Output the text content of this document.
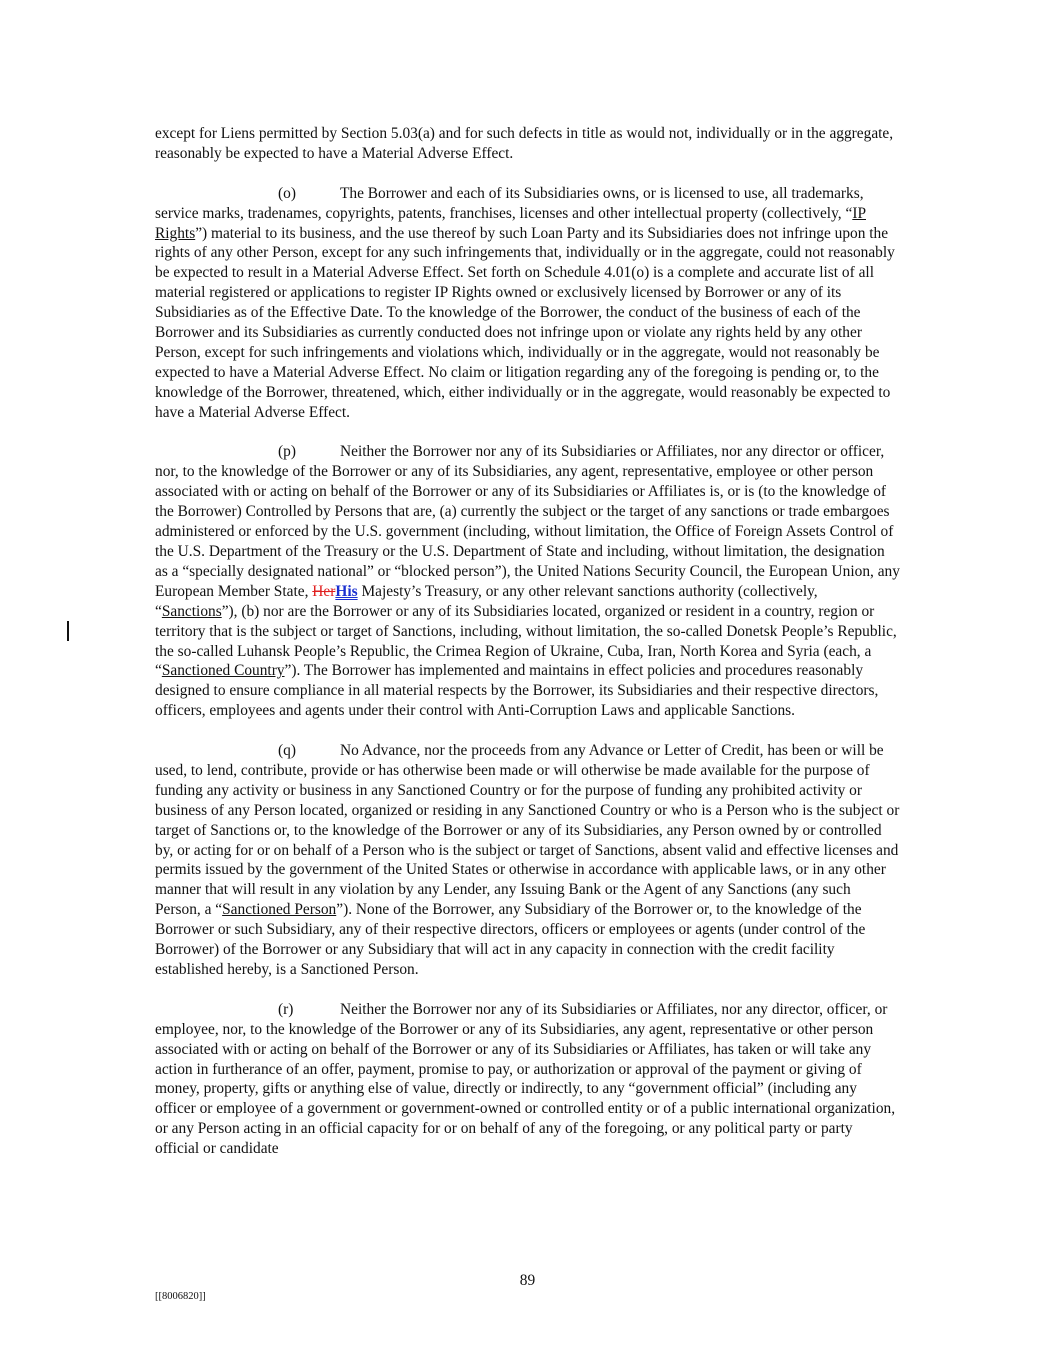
except for Liens permitted by Section 5.03(a) and for such defects in title as would not, individually or in the aggregate, reasonably be expected to have a Material Adverse Effect.

(o)	The Borrower and each of its Subsidiaries owns, or is licensed to use, all trademarks, service marks, tradenames, copyrights, patents, franchises, licenses and other intellectual property (collectively, “IP Rights”) material to its business, and the use thereof by such Loan Party and its Subsidiaries does not infringe upon the rights of any other Person, except for any such infringements that, individually or in the aggregate, could not reasonably be expected to result in a Material Adverse Effect. Set forth on Schedule 4.01(o) is a complete and accurate list of all material registered or applications to register IP Rights owned or exclusively licensed by Borrower or any of its Subsidiaries as of the Effective Date. To the knowledge of the Borrower, the conduct of the business of each of the Borrower and its Subsidiaries as currently conducted does not infringe upon or violate any rights held by any other Person, except for such infringements and violations which, individually or in the aggregate, would not reasonably be expected to have a Material Adverse Effect. No claim or litigation regarding any of the foregoing is pending or, to the knowledge of the Borrower, threatened, which, either individually or in the aggregate, would reasonably be expected to have a Material Adverse Effect.

(p)	Neither the Borrower nor any of its Subsidiaries or Affiliates, nor any director or officer, nor, to the knowledge of the Borrower or any of its Subsidiaries, any agent, representative, employee or other person associated with or acting on behalf of the Borrower or any of its Subsidiaries or Affiliates is, or is (to the knowledge of the Borrower) Controlled by Persons that are, (a) currently the subject or the target of any sanctions or trade embargoes administered or enforced by the U.S. government (including, without limitation, the Office of Foreign Assets Control of the U.S. Department of the Treasury or the U.S. Department of State and including, without limitation, the designation as a “specially designated national” or “blocked person”), the United Nations Security Council, the European Union, any European Member State, HerHis Majesty’s Treasury, or any other relevant sanctions authority (collectively, “Sanctions”), (b) nor are the Borrower or any of its Subsidiaries located, organized or resident in a country, region or territory that is the subject or target of Sanctions, including, without limitation, the so-called Donetsk People’s Republic, the so-called Luhansk People’s Republic, the Crimea Region of Ukraine, Cuba, Iran, North Korea and Syria (each, a “Sanctioned Country”). The Borrower has implemented and maintains in effect policies and procedures reasonably designed to ensure compliance in all material respects by the Borrower, its Subsidiaries and their respective directors, officers, employees and agents under their control with Anti-Corruption Laws and applicable Sanctions.

(q)	No Advance, nor the proceeds from any Advance or Letter of Credit, has been or will be used, to lend, contribute, provide or has otherwise been made or will otherwise be made available for the purpose of funding any activity or business in any Sanctioned Country or for the purpose of funding any prohibited activity or business of any Person located, organized or residing in any Sanctioned Country or who is a Person who is the subject or target of Sanctions or, to the knowledge of the Borrower or any of its Subsidiaries, any Person owned by or controlled by, or acting for or on behalf of a Person who is the subject or target of Sanctions, absent valid and effective licenses and permits issued by the government of the United States or otherwise in accordance with applicable laws, or in any other manner that will result in any violation by any Lender, any Issuing Bank or the Agent of any Sanctions (any such Person, a “Sanctioned Person”). None of the Borrower, any Subsidiary of the Borrower or, to the knowledge of the Borrower or such Subsidiary, any of their respective directors, officers or employees or agents (under control of the Borrower) of the Borrower or any Subsidiary that will act in any capacity in connection with the credit facility established hereby, is a Sanctioned Person.

(r)	Neither the Borrower nor any of its Subsidiaries or Affiliates, nor any director, officer, or employee, nor, to the knowledge of the Borrower or any of its Subsidiaries, any agent, representative or other person associated with or acting on behalf of the Borrower or any of its Subsidiaries or Affiliates, has taken or will take any action in furtherance of an offer, payment, promise to pay, or authorization or approval of the payment or giving of money, property, gifts or anything else of value, directly or indirectly, to any “government official” (including any officer or employee of a government or government-owned or controlled entity or of a public international organization, or any Person acting in an official capacity for or on behalf of any of the foregoing, or any political party or party official or candidate

89
[[8006820]]
